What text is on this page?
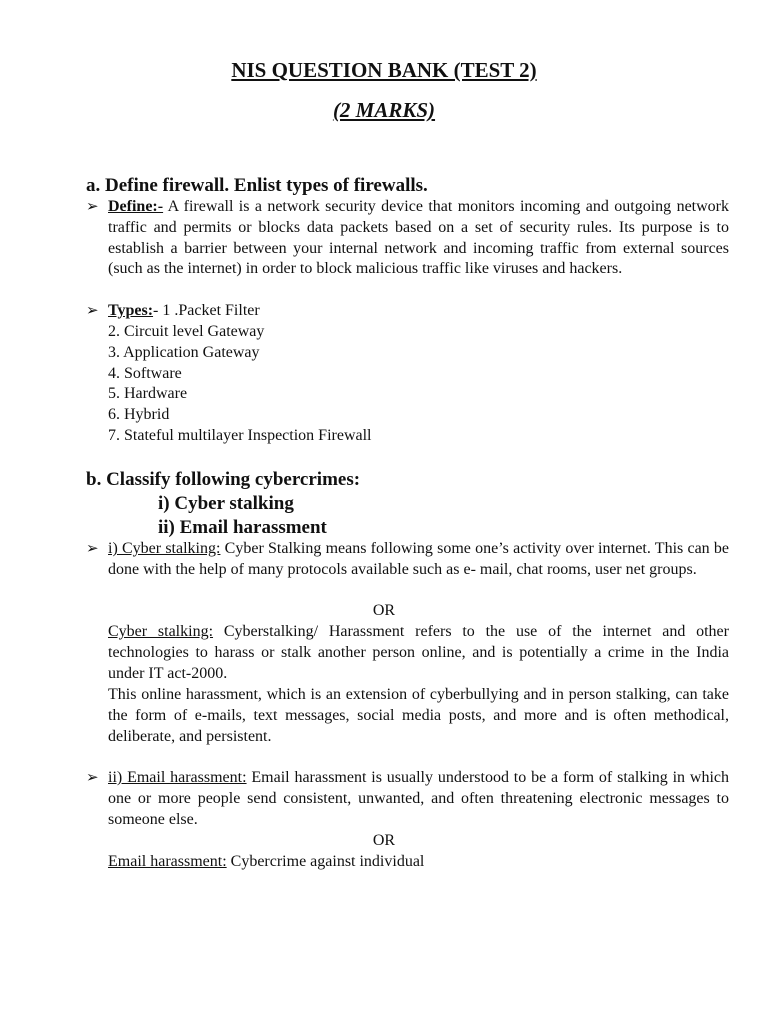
NIS QUESTION BANK (TEST 2)
(2 MARKS)
a. Define firewall. Enlist types of firewalls.
➢ Define:- A firewall is a network security device that monitors incoming and outgoing network traffic and permits or blocks data packets based on a set of security rules. Its purpose is to establish a barrier between your internal network and incoming traffic from external sources (such as the internet) in order to block malicious traffic like viruses and hackers.
➢ Types:- 1 .Packet Filter
2. Circuit level Gateway
3. Application Gateway
4. Software
5. Hardware
6. Hybrid
7. Stateful multilayer Inspection Firewall
b. Classify following cybercrimes:
i) Cyber stalking
ii) Email harassment
➢ i) Cyber stalking: Cyber Stalking means following some one’s activity over internet. This can be done with the help of many protocols available such as e- mail, chat rooms, user net groups.
OR
Cyber stalking: Cyberstalking/ Harassment refers to the use of the internet and other technologies to harass or stalk another person online, and is potentially a crime in the India under IT act-2000.
This online harassment, which is an extension of cyberbullying and in person stalking, can take the form of e-mails, text messages, social media posts, and more and is often methodical, deliberate, and persistent.
➢ ii) Email harassment: Email harassment is usually understood to be a form of stalking in which one or more people send consistent, unwanted, and often threatening electronic messages to someone else.
OR
Email harassment: Cybercrime against individual
